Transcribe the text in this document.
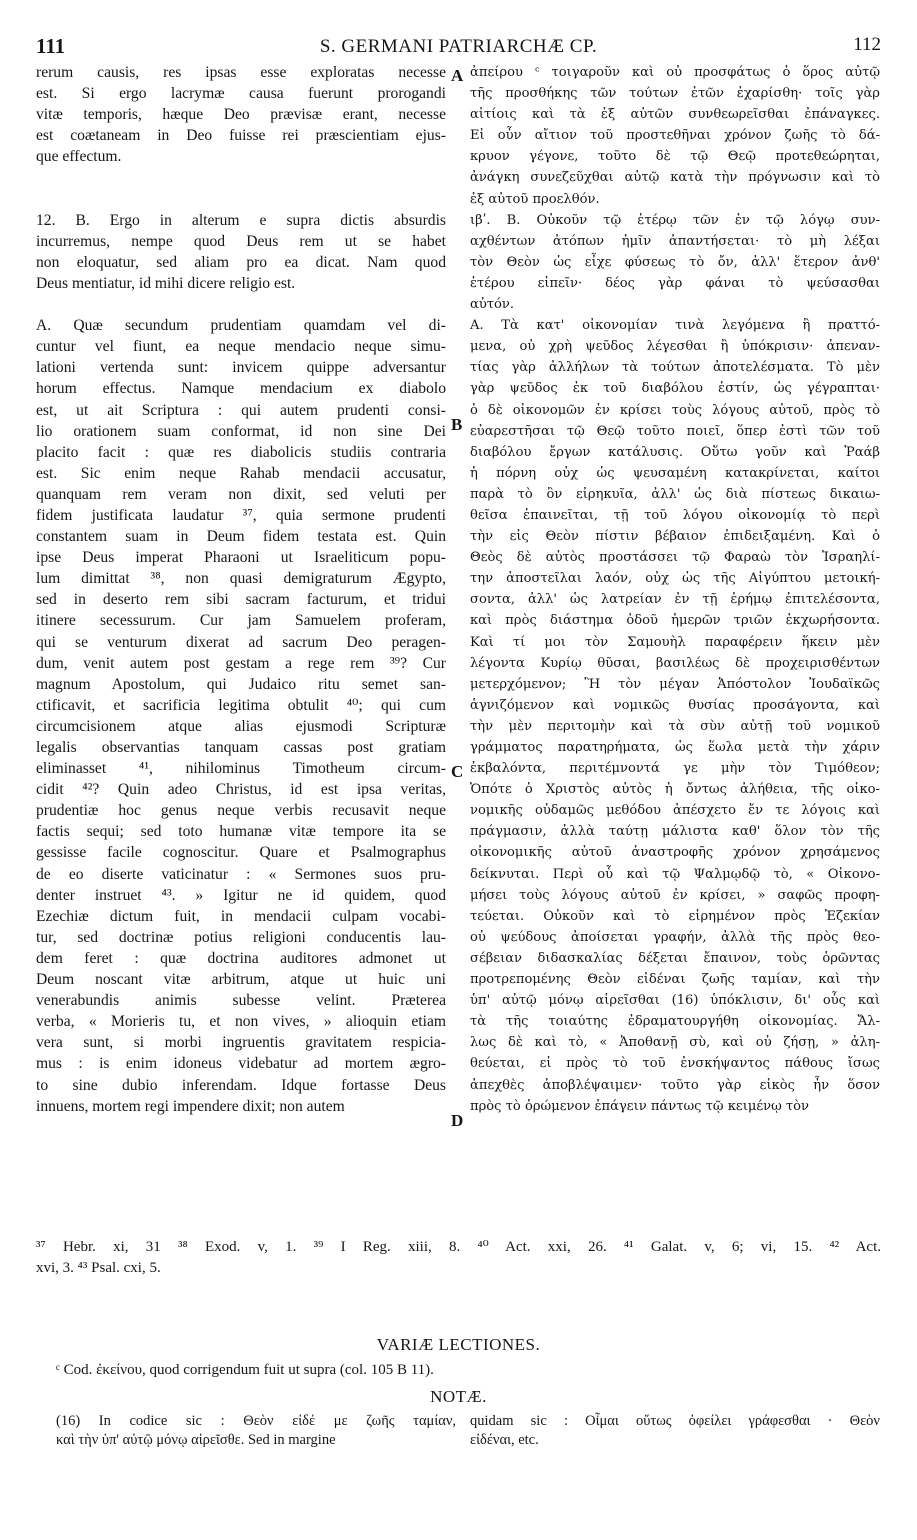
111	S. GERMANI PATRIARCHÆ CP.	112
rerum causis, res ipsas esse exploratas necesse
est. Si ergo lacrymæ causa fuerunt prorogandi
vitæ temporis, hæque Deo prævisæ erant, necesse
est coætaneam in Deo fuisse rei præscientiam ejus-
que effectum.
12. B. Ergo in alterum e supra dictis absurdis
incurremus, nempe quod Deus rem ut se habet
non eloquatur, sed aliam pro ea dicat. Nam quod
Deus mentiatur, id mihi dicere religio est.
A. Quæ secundum prudentiam quamdam vel di-
cuntur vel fiunt, ea neque mendacio neque simu-
lationi vertenda sunt: invicem quippe adversantur
horum effectus. Namque mendacium ex diabolo
est, ut ait Scriptura : qui autem prudenti consi-
lio orationem suam conformat, id non sine Dei
placito facit : quæ res diabolicis studiis contraria
est. Sic enim neque Rahab mendacii accusatur,
quanquam rem veram non dixit, sed veluti per
fidem justificata laudatur ³⁷, quia sermone prudenti
constantem suam in Deum fidem testata est. Quin
ipse Deus imperat Pharaoni ut Israeliticum popu-
lum dimittat ³⁸, non quasi demigraturum Ægypto,
sed in deserto rem sibi sacram facturum, et tridui
itinere secessurum. Cur jam Samuelem proferam,
qui se venturum dixerat ad sacrum Deo peragen-
dum, venit autem post gestam a rege rem ³⁹? Cur
magnum Apostolum, qui Judaico ritu semet san-
ctificavit, et sacrificia legitima obtulit ⁴⁰; qui cum
circumcisionem atque alias ejusmodi Scripturæ
legalis observantias tanquam cassas post gratiam
eliminasset ⁴¹, nihilominus Timotheum circum-
cidit ⁴²? Quin adeo Christus, id est ipsa veritas,
prudentiæ hoc genus neque verbis recusavit neque
factis sequi; sed toto humanæ vitæ tempore ita se
gessisse facile cognoscitur. Quare et Psalmographus
de eo diserte vaticinatur : « Sermones suos pru-
denter instruet ⁴³. » Igitur ne id quidem, quod
Ezechiæ dictum fuit, in mendacii culpam vocabi-
tur, sed doctrinæ potius religioni conducentis lau-
dem feret : quæ doctrina auditores admonet ut
Deum noscant vitæ arbitrum, atque ut huic uni
venerabundis animis subesse velint. Præterea
verba, « Morieris tu, et non vives, » alioquin etiam
vera sunt, si morbi ingruentis gravitatem respicia-
mus : is enim idoneus videbatur ad mortem ægro-
to sine dubio inferendam. Idque fortasse Deus
innuens, mortem regi impendere dixit; non autem
ἀπείρου ᶜ τοιγαροῦν καὶ οὐ προσφάτως ὁ ὅρος αὐτῷ
τῆς προσθήκης τῶν τούτων ἐτῶν ἐχαρίσθη· τοῖς γὰρ
αἰτίοις καὶ τὰ ἐξ αὐτῶν συνθεωρεῖσθαι ἐπάναγκες.
Εἰ οὖν αἴτιον τοῦ προστεθῆναι χρόνον ζωῆς τὸ δά-
κρυον γέγονε, τοῦτο δὲ τῷ Θεῷ προτεθεώρηται,
ἀνάγκη συνεζεῦχθαι αὐτῷ κατὰ τὴν πρόγνωσιν καὶ τὸ
ἐξ αὐτοῦ προελθόν.
ιβʹ. Β. Οὐκοῦν τῷ ἑτέρῳ τῶν ἐν τῷ λόγῳ συν-
αχθέντων ἀτόπων ἡμῖν ἀπαντήσεται· τὸ μὴ λέξαι
τὸν Θεὸν ὡς εἶχε φύσεως τὸ ὄν, ἀλλ' ἕτερον ἀνθ'
ἑτέρου εἰπεῖν· δέος γὰρ φάναι τὸ ψεύσασθαι
αὐτόν.
Α. Τὰ κατ' οἰκονομίαν τινὰ λεγόμενα ἢ πραττό-
μενα, οὐ χρὴ ψεῦδος λέγεσθαι ἢ ὑπόκρισιν· ἀπεναν-
τίας γὰρ ἀλλήλων τὰ τούτων ἀποτελέσματα. Τὸ μὲν
γὰρ ψεῦδος ἐκ τοῦ διαβόλου ἐστίν, ὡς γέγραπται·
ὁ δὲ οἰκονομῶν ἐν κρίσει τοὺς λόγους αὐτοῦ, πρὸς τὸ
εὐαρεστῆσαι τῷ Θεῷ τοῦτο ποιεῖ, ὅπερ ἐστὶ τῶν τοῦ
διαβόλου ἔργων κατάλυσις. Οὕτω γοῦν καὶ Ῥαάβ
ἡ πόρνη οὐχ ὡς ψευσαμένη κατακρίνεται, καίτοι
παρὰ τὸ ὂν εἰρηκυῖα, ἀλλ' ὡς διὰ πίστεως δικαιω-
θεῖσα ἐπαινεῖται, τῇ τοῦ λόγου οἰκονομίᾳ τὸ περὶ
τὴν εἰς Θεὸν πίστιν βέβαιον ἐπιδειξαμένη. Καὶ ὁ
Θεὸς δὲ αὐτὸς προστάσσει τῷ Φαραὼ τὸν Ἰσραηλί-
την ἀποστεῖλαι λαόν, οὐχ ὡς τῆς Αἰγύπτου μετοική-
σοντα, ἀλλ' ὡς λατρείαν ἐν τῇ ἐρήμῳ ἐπιτελέσοντα,
καὶ πρὸς διάστημα ὁδοῦ ἡμερῶν τριῶν ἐκχωρήσοντα.
Καὶ τί μοι τὸν Σαμουὴλ παραφέρειν ἥκειν μὲν
λέγοντα Κυρίῳ θῦσαι, βασιλέως δὲ προχειρισθέντων
μετερχόμενον; Ἢ τὸν μέγαν Ἀπόστολον Ἰουδαϊκῶς
ἁγνιζόμενον καὶ νομικῶς θυσίας προσάγοντα, καὶ
τὴν μὲν περιτομὴν καὶ τὰ σὺν αὐτῇ τοῦ νομικοῦ
γράμματος παρατηρήματα, ὡς ἕωλα μετὰ τὴν χάριν
ἐκβαλόντα, περιτέμνοντά γε μὴν τὸν Τιμόθεον;
Ὁπότε ὁ Χριστὸς αὐτὸς ἡ ὄντως ἀλήθεια, τῆς οἰκο-
νομικῆς οὐδαμῶς μεθόδου ἀπέσχετο ἔν τε λόγοις καὶ
πράγμασιν, ἀλλὰ ταύτῃ μάλιστα καθ' ὅλον τὸν τῆς
οἰκονομικῆς αὐτοῦ ἀναστροφῆς χρόνον χρησάμενος
δείκνυται. Περὶ οὗ καὶ τῷ Ψαλμῳδῷ τὸ, « Οἰκονο-
μήσει τοὺς λόγους αὐτοῦ ἐν κρίσει, » σαφῶς προφη-
τεύεται. Οὐκοῦν καὶ τὸ εἰρημένον πρὸς Ἐζεκίαν
οὐ ψεύδους ἀποίσεται γραφήν, ἀλλὰ τῆς πρὸς θεο-
σέβειαν διδασκαλίας δέξεται ἔπαινον, τοὺς ὁρῶντας
προτρεπομένης Θεὸν εἰδέναι ζωῆς ταμίαν, καὶ τὴν
ὑπ' αὐτῷ μόνῳ αἱρεῖσθαι (16) ὑπόκλισιν, δι' οὗς καὶ
τὰ τῆς τοιαύτης ἐδραματουργήθη οἰκονομίας. Ἄλ-
λως δὲ καὶ τὸ, « Ἀποθανῇ σὺ, καὶ οὐ ζήσῃ, » ἀλη-
θεύεται, εἰ πρὸς τὸ τοῦ ἐνσκήψαντος πάθους ἴσως
ἀπεχθὲς ἀποβλέψαιμεν· τοῦτο γὰρ εἰκὸς ἦν ὅσον
πρὸς τὸ ὁρώμενον ἐπάγειν πάντως τῷ κειμένῳ τὸν
A
B
C
D
³⁷ Hebr. xi, 31 ³⁸ Exod. v, 1. ³⁹ I Reg. xiii, 8. ⁴⁰ Act. xxi, 26. ⁴¹ Galat. v, 6; vi, 15. ⁴² Act.
xvi, 3. ⁴³ Psal. cxi, 5.
VARIÆ LECTIONES.
ᶜ Cod. ἐκείνου, quod corrigendum fuit ut supra (col. 105 B 11).
NOTÆ.
(16) In codice sic : Θεὸν εἰδέ με ζωῆς ταμίαν,
καὶ τὴν ὑπ' αὐτῷ μόνῳ αἱρεῖσθε. Sed in margine
quidam sic : Οἶμαι οὕτως ὀφείλει γράφεσθαι · Θεὸν
εἰδέναι, etc.
